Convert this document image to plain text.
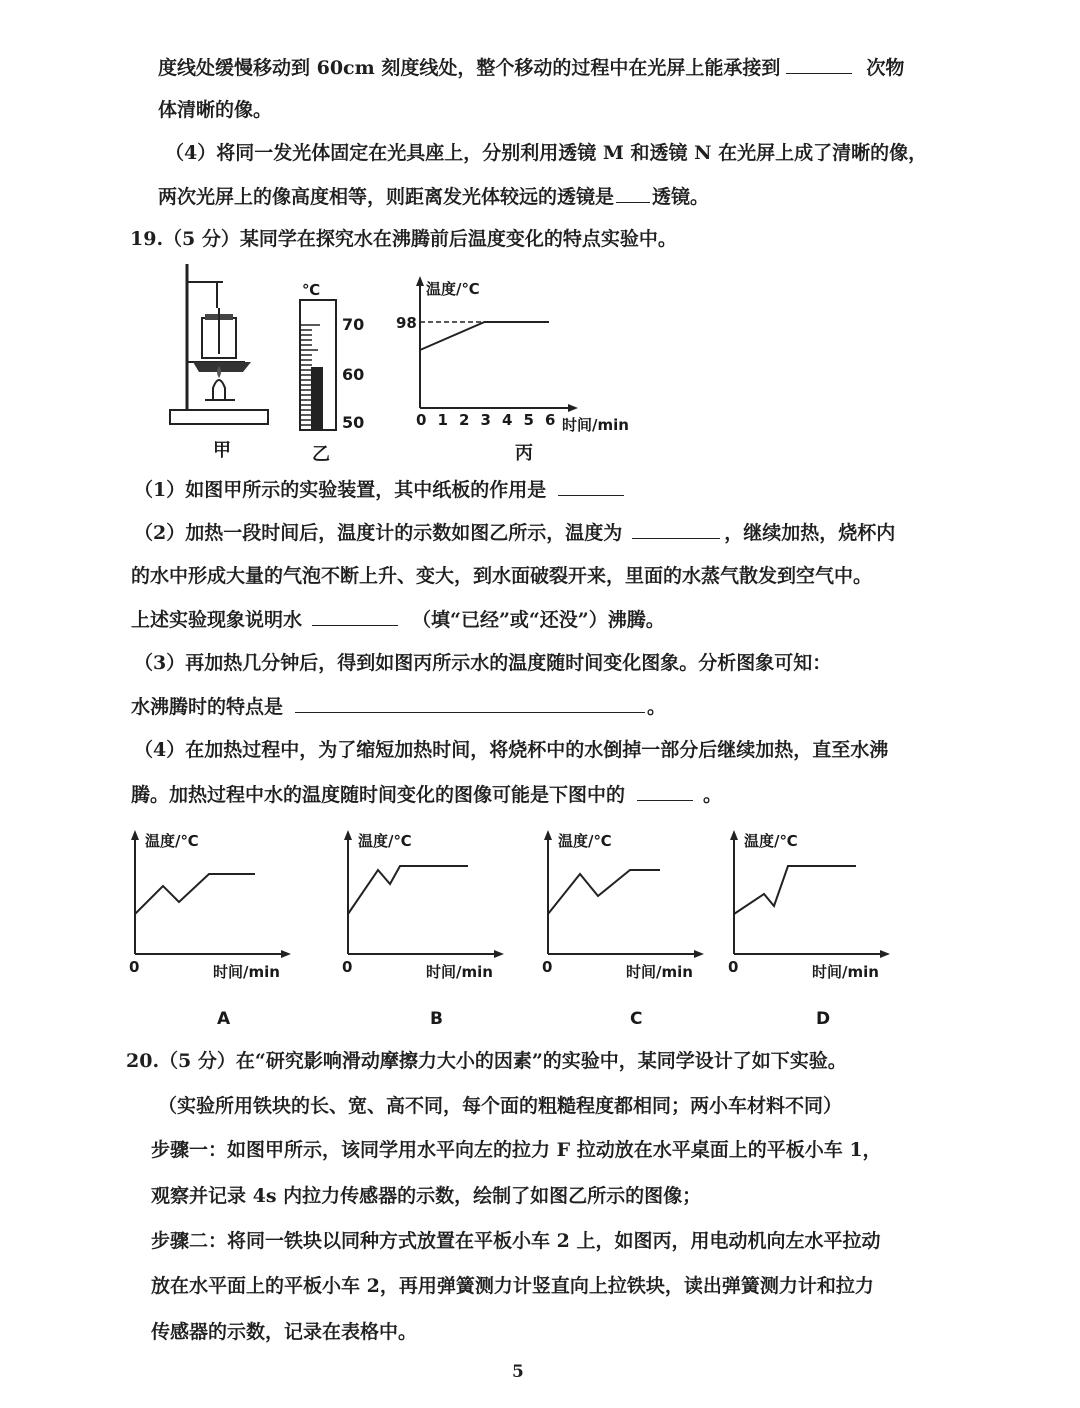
度线处缓慢移动到 60cm 刻度线处，整个移动的过程中在光屏上能承接到	次物
体清晰的像。
（4）将同一发光体固定在光具座上，分别利用透镜 M 和透镜 N 在光屏上成了清晰的像，
两次光屏上的像高度相等，则距离发光体较远的透镜是 透镜。
19.（5 分）某同学在探究水在沸腾前后温度变化的特点实验中。
甲
℃
70
60
50
乙
温度/℃
时间/min
98
0 1 2 3 4 5 6
丙
（1）如图甲所示的实验装置，其中纸板的作用是
（2）加热一段时间后，温度计的示数如图乙所示，温度为	，继续加热，烧杯内
的水中形成大量的气泡不断上升、变大，到水面破裂开来，里面的水蒸气散发到空气中。
上述实验现象说明水	（填“已经”或“还没”）沸腾。
（3）再加热几分钟后，得到如图丙所示水的温度随时间变化图象。分析图象可知：
水沸腾时的特点是	。
（4）在加热过程中，为了缩短加热时间，将烧杯中的水倒掉一部分后继续加热，直至水沸
腾。加热过程中水的温度随时间变化的图像可能是下图中的	。
温度/℃
0	时间/min
A
温度/℃
0	时间/min
B
温度/℃
0	时间/min
C
温度/℃
0	时间/min
D
20.（5 分）在“研究影响滑动摩擦力大小的因素”的实验中，某同学设计了如下实验。
（实验所用铁块的长、宽、高不同，每个面的粗糙程度都相同；两小车材料不同）
步骤一：如图甲所示，该同学用水平向左的拉力 F 拉动放在水平桌面上的平板小车 1，
观察并记录 4s 内拉力传感器的示数，绘制了如图乙所示的图像；
步骤二：将同一铁块以同种方式放置在平板小车 2 上，如图丙，用电动机向左水平拉动
放在水平面上的平板小车 2，再用弹簧测力计竖直向上拉铁块，读出弹簧测力计和拉力
传感器的示数，记录在表格中。
5
